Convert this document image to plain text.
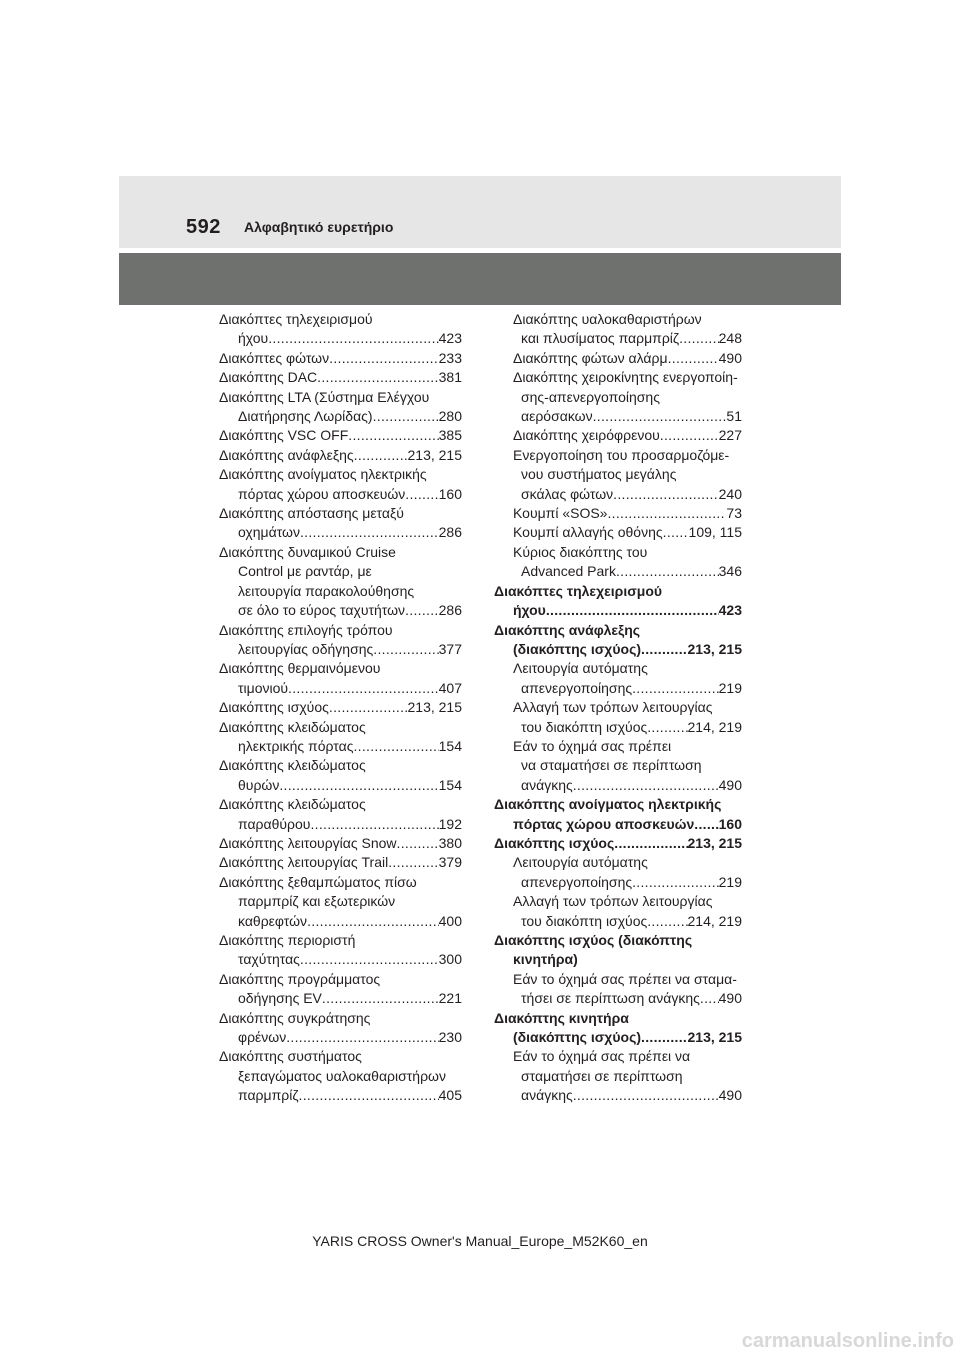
592 Αλφαβητικό ευρετήριο
Διακόπτες τηλεχειρισμού
ήχου .....	423
Διακόπτες φώτων .....	233
Διακόπτης DAC .....	381
Διακόπτης LTA (Σύστημα Ελέγχου
Διατήρησης Λωρίδας) .....	280
Διακόπτης VSC OFF .....	385
Διακόπτης ανάφλεξης .....	213, 215
Διακόπτης ανοίγματος ηλεκτρικής
πόρτας χώρου αποσκευών ..... 160
Διακόπτης απόστασης μεταξύ
οχημάτων .....	286
Διακόπτης δυναμικού Cruise
Control με ραντάρ, με
λειτουργία παρακολούθησης
σε όλο το εύρος ταχυτήτων ..... 286
Διακόπτης επιλογής τρόπου
λειτουργίας οδήγησης .....	377
Διακόπτης θερμαινόμενου
τιμονιού .....	407
Διακόπτης ισχύος .....	213, 215
Διακόπτης κλειδώματος
ηλεκτρικής πόρτας .....	154
Διακόπτης κλειδώματος
θυρών .....	154
Διακόπτης κλειδώματος
παραθύρου .....	192
Διακόπτης λειτουργίας Snow .....	380
Διακόπτης λειτουργίας Trail .....	379
Διακόπτης ξεθαμπώματος πίσω
παρμπρίζ και εξωτερικών
καθρεφτών .....	400
Διακόπτης περιοριστή
ταχύτητας .....	300
Διακόπτης προγράμματος
οδήγησης EV .....	221
Διακόπτης συγκράτησης
φρένων .....	230
Διακόπτης συστήματος
ξεπαγώματος υαλοκαθαριστήρων
παρμπρίζ .....	405
Διακόπτης υαλοκαθαριστήρων
και πλυσίματος παρμπρίζ .....	248
Διακόπτης φώτων αλάρμ .....	490
Διακόπτης χειροκίνητης ενεργοποίη-
σης-απενεργοποίησης
αερόσακων .....	51
Διακόπτης χειρόφρενου .....	227
Ενεργοποίηση του προσαρμοζόμε-
νου συστήματος μεγάλης
σκάλας φώτων .....	240
Κουμπί «SOS» .....	73
Κουμπί αλλαγής οθόνης ..... 109, 115
Κύριος διακόπτης του
Advanced Park .....	346
Διακόπτες τηλεχειρισμού
ήχου .....	423
Διακόπτης ανάφλεξης
(διακόπτης ισχύος) .....	213, 215
Λειτουργία αυτόματης
απενεργοποίησης .....	219
Αλλαγή των τρόπων λειτουργίας
του διακόπτη ισχύος .....	214, 219
Εάν το όχημά σας πρέπει
να σταματήσει σε περίπτωση
ανάγκης .....	490
Διακόπτης ανοίγματος ηλεκτρικής
πόρτας χώρου αποσκευών ..... 160
Διακόπτης ισχύος .....	213, 215
Λειτουργία αυτόματης
απενεργοποίησης .....	219
Αλλαγή των τρόπων λειτουργίας
του διακόπτη ισχύος .....	214, 219
Διακόπτης ισχύος (διακόπτης
κινητήρα)
Εάν το όχημά σας πρέπει να σταμα-
τήσει σε περίπτωση ανάγκης ..... 490
Διακόπτης κινητήρα
(διακόπτης ισχύος) .....	213, 215
Εάν το όχημά σας πρέπει να
σταματήσει σε περίπτωση
ανάγκης .....	490
YARIS CROSS Owner's Manual_Europe_M52K60_en
carmanualsonline.info
